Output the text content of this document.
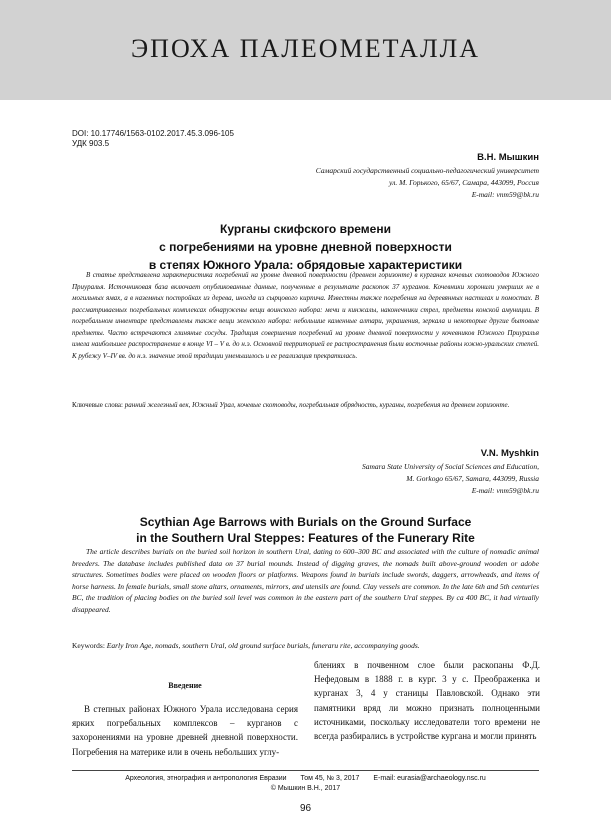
ЭПОХА ПАЛЕОМЕТАЛЛА
DOI: 10.17746/1563-0102.2017.45.3.096-105
УДК 903.5
В.Н. Мышкин
Самарский государственный социально-педагогический университет
ул. М. Горького, 65/67, Самара, 443099, Россия
E-mail: vnm59@bk.ru
Курганы скифского времени
с погребениями на уровне дневной поверхности
в степях Южного Урала: обрядовые характеристики

В статье представлена характеристика погребений на уровне дневной поверхности (древнем горизонте) в курганах кочевых скотоводов Южного Приуралья. Источниковая база включает опубликованные данные, полученные в результате раскопок 37 курганов. Кочевники хоронили умерших не в могильных ямах, а в наземных постройках из дерева, иногда из сырцового кирпича. Известны также погребения на деревянных настилах и помостах. В рассматриваемых погребальных комплексах обнаружены вещи воинского набора: мечи и кинжалы, наконечники стрел, предметы конской амуниции. В погребальном инвентаре представлены также вещи женского набора: небольшие каменные алтари, украшения, зеркала и некоторые другие бытовые предметы. Часто встречаются глиняные сосуды. Традиция совершения погребений на уровне дневной поверхности у кочевников Южного Приуралья имела наибольшее распространение в конце VI – V в. до н.э. Основной территорией ее распространения были восточные районы южно-уральских степей. К рубежу V–IV вв. до н.э. значение этой традиции уменьшилось и ее реализация прекратилась.

Ключевые слова: ранний железный век, Южный Урал, кочевые скотоводы, погребальная обрядность, курганы, погребения на древнем горизонте.
V.N. Myshkin
Samara State University of Social Sciences and Education,
M. Gorkogo 65/67, Samara, 443099, Russia
E-mail: vnm59@bk.ru
Scythian Age Barrows with Burials on the Ground Surface
in the Southern Ural Steppes: Features of the Funerary Rite

The article describes burials on the buried soil horizon in southern Ural, dating to 600–300 BC and associated with the culture of nomadic animal breeders. The database includes published data on 37 burial mounds. Instead of digging graves, the nomads built above-ground wooden or adobe structures. Sometimes bodies were placed on wooden floors or platforms. Weapons found in burials include swords, daggers, arrowheads, and items of horse harness. In female burials, small stone altars, ornaments, mirrors, and utensils are found. Clay vessels are common. In the late 6th and 5th centuries BC, the tradition of placing bodies on the buried soil level was common in the eastern part of the southern Ural steppes. By ca 400 BC, it had virtually disappeared.

Keywords: Early Iron Age, nomads, southern Ural, old ground surface burials, funeraru rite, accompanying goods.
Введение

В степных районах Южного Урала исследована серия ярких погребальных комплексов – курганов с захоронениями на уровне древней дневной поверхности. Погребения на материке или в очень небольших углу-

блениях в почвенном слое были раскопаны Ф.Д. Нефедовым в 1888 г. в кург. 3 у с. Преображенка и курганах 3, 4 у станицы Павловской. Однако эти памятники вряд ли можно признать полноценными источниками, поскольку исследователи того времени не всегда разбирались в устройстве кургана и могли принять

Археология, этнография и антропология Евразии Том 45, № 3, 2017 E-mail: eurasia@archaeology.nsc.ru
© Мышкин В.Н., 2017
96
